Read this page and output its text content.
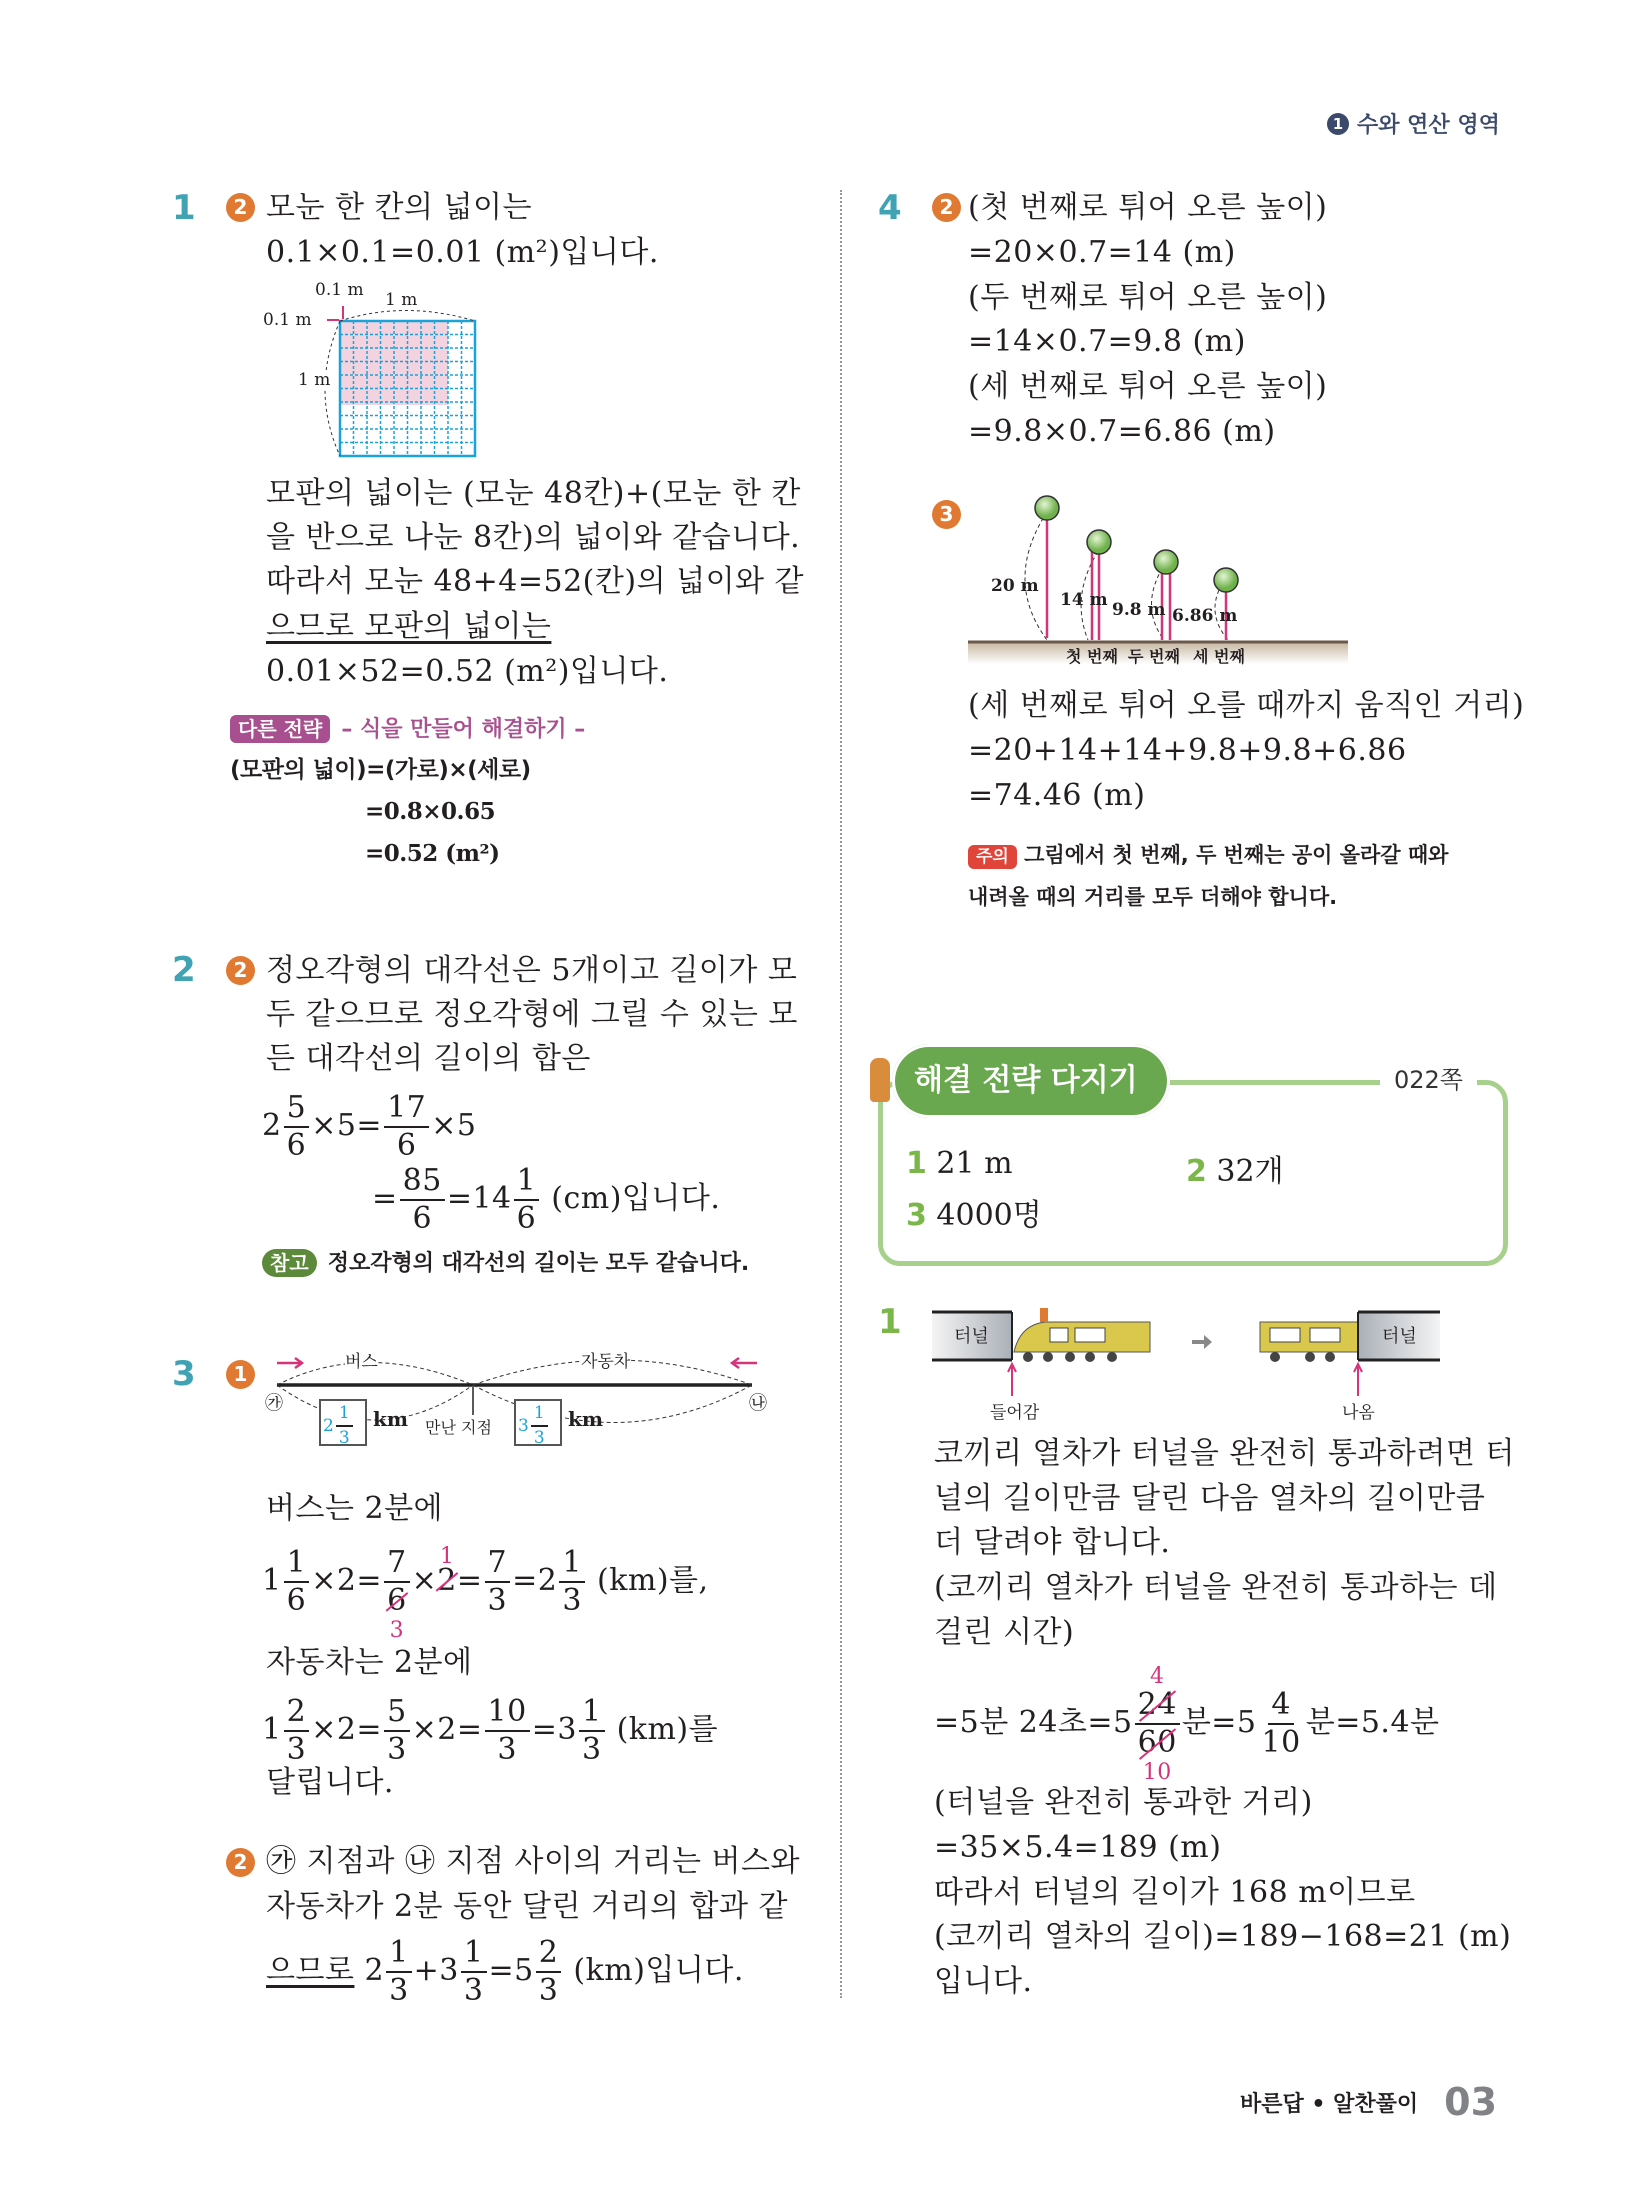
1 수와 연산 영역
1	2 모눈 한 칸의 넓이는
0.1×0.1=0.01 (m²)입니다.
0.1 m 1 m
0.1 m
1 m
모판의 넓이는 (모눈 48칸)+(모눈 한 칸
을 반으로 나눈 8칸)의 넓이와 같습니다.
따라서 모눈 48+4=52(칸)의 넓이와 같
으므로 모판의 넓이는
0.01×52=0.52 (m²)입니다.
다른 전략 – 식을 만들어 해결하기 –
(모판의 넓이)=(가로)×(세로)
=0.8×0.65
=0.52 (m²)
2	2 정오각형의 대각선은 5개이고 길이가 모
두 같으므로 정오각형에 그릴 수 있는 모
든 대각선의 길이의 합은
$2 \frac{5}{6} \times 5= \frac{17}{6} \times 5$
= $\frac{85}{6} =14 \frac{1}{6} (cm)$입니다.
참고 정오각형의 대각선의 길이는 모두 같습니다.
3	1	버스	자동차
㉮	㉯
$2 \frac{1}{3}$ km 만난 지점 $3 \frac{1}{3}$ km
버스는 2분에
$1 \frac{1}{6} \times 2= 7$
6
3 ×2
1
= $\frac{7}{3} =2 \frac{1}{3} (km)$를,
자동차는 2분에
$1 \frac{2}{3} \times 2= \frac{5}{3} \times 2= \frac{10}{3} =3 \frac{1}{3} (km)$를
달립니다.
2 ㉮ 지점과 ㉯ 지점 사이의 거리는 버스와
자동차가 2분 동안 달린 거리의 합과 같
으므로 $2 \frac{1}{3} +3 \frac{1}{3} =5 \frac{2}{3} (km)$입니다.
4	2 (첫 번째로 튀어 오른 높이)
=20×0.7=14 (m)
(두 번째로 튀어 오른 높이)
=14×0.7=9.8 (m)
(세 번째로 튀어 오른 높이)
=9.8×0.7=6.86 (m)
3
20 m
14 m 9.8 m 6.86 m
첫 번째 두 번째 세 번째
(세 번째로 튀어 오를 때까지 움직인 거리)
=20+14+14+9.8+9.8+6.86
=74.46 (m)
주의 그림에서 첫 번째, 두 번째는 공이 올라갈 때와
내려올 때의 거리를 모두 더해야 합니다.
022쪽
해결 전략 다지기
1 21 m	2 32개
3 4000명
1	터널	터널
들어감	나옴
코끼리 열차가 터널을 완전히 통과하려면 터
널의 길이만큼 달린 다음 열차의 길이만큼
더 달려야 합니다.
(코끼리 열차가 터널을 완전히 통과하는 데
걸린 시간)
=5분 24초=5 24
4
60
10 분$=5 \frac{4}{10}$ 분=5.4분
(터널을 완전히 통과한 거리)
=35×5.4=189 (m)
따라서 터널의 길이가 168 m이므로
(코끼리 열차의 길이)=189−168=21 (m)
입니다.
바른답 • 알찬풀이 03
